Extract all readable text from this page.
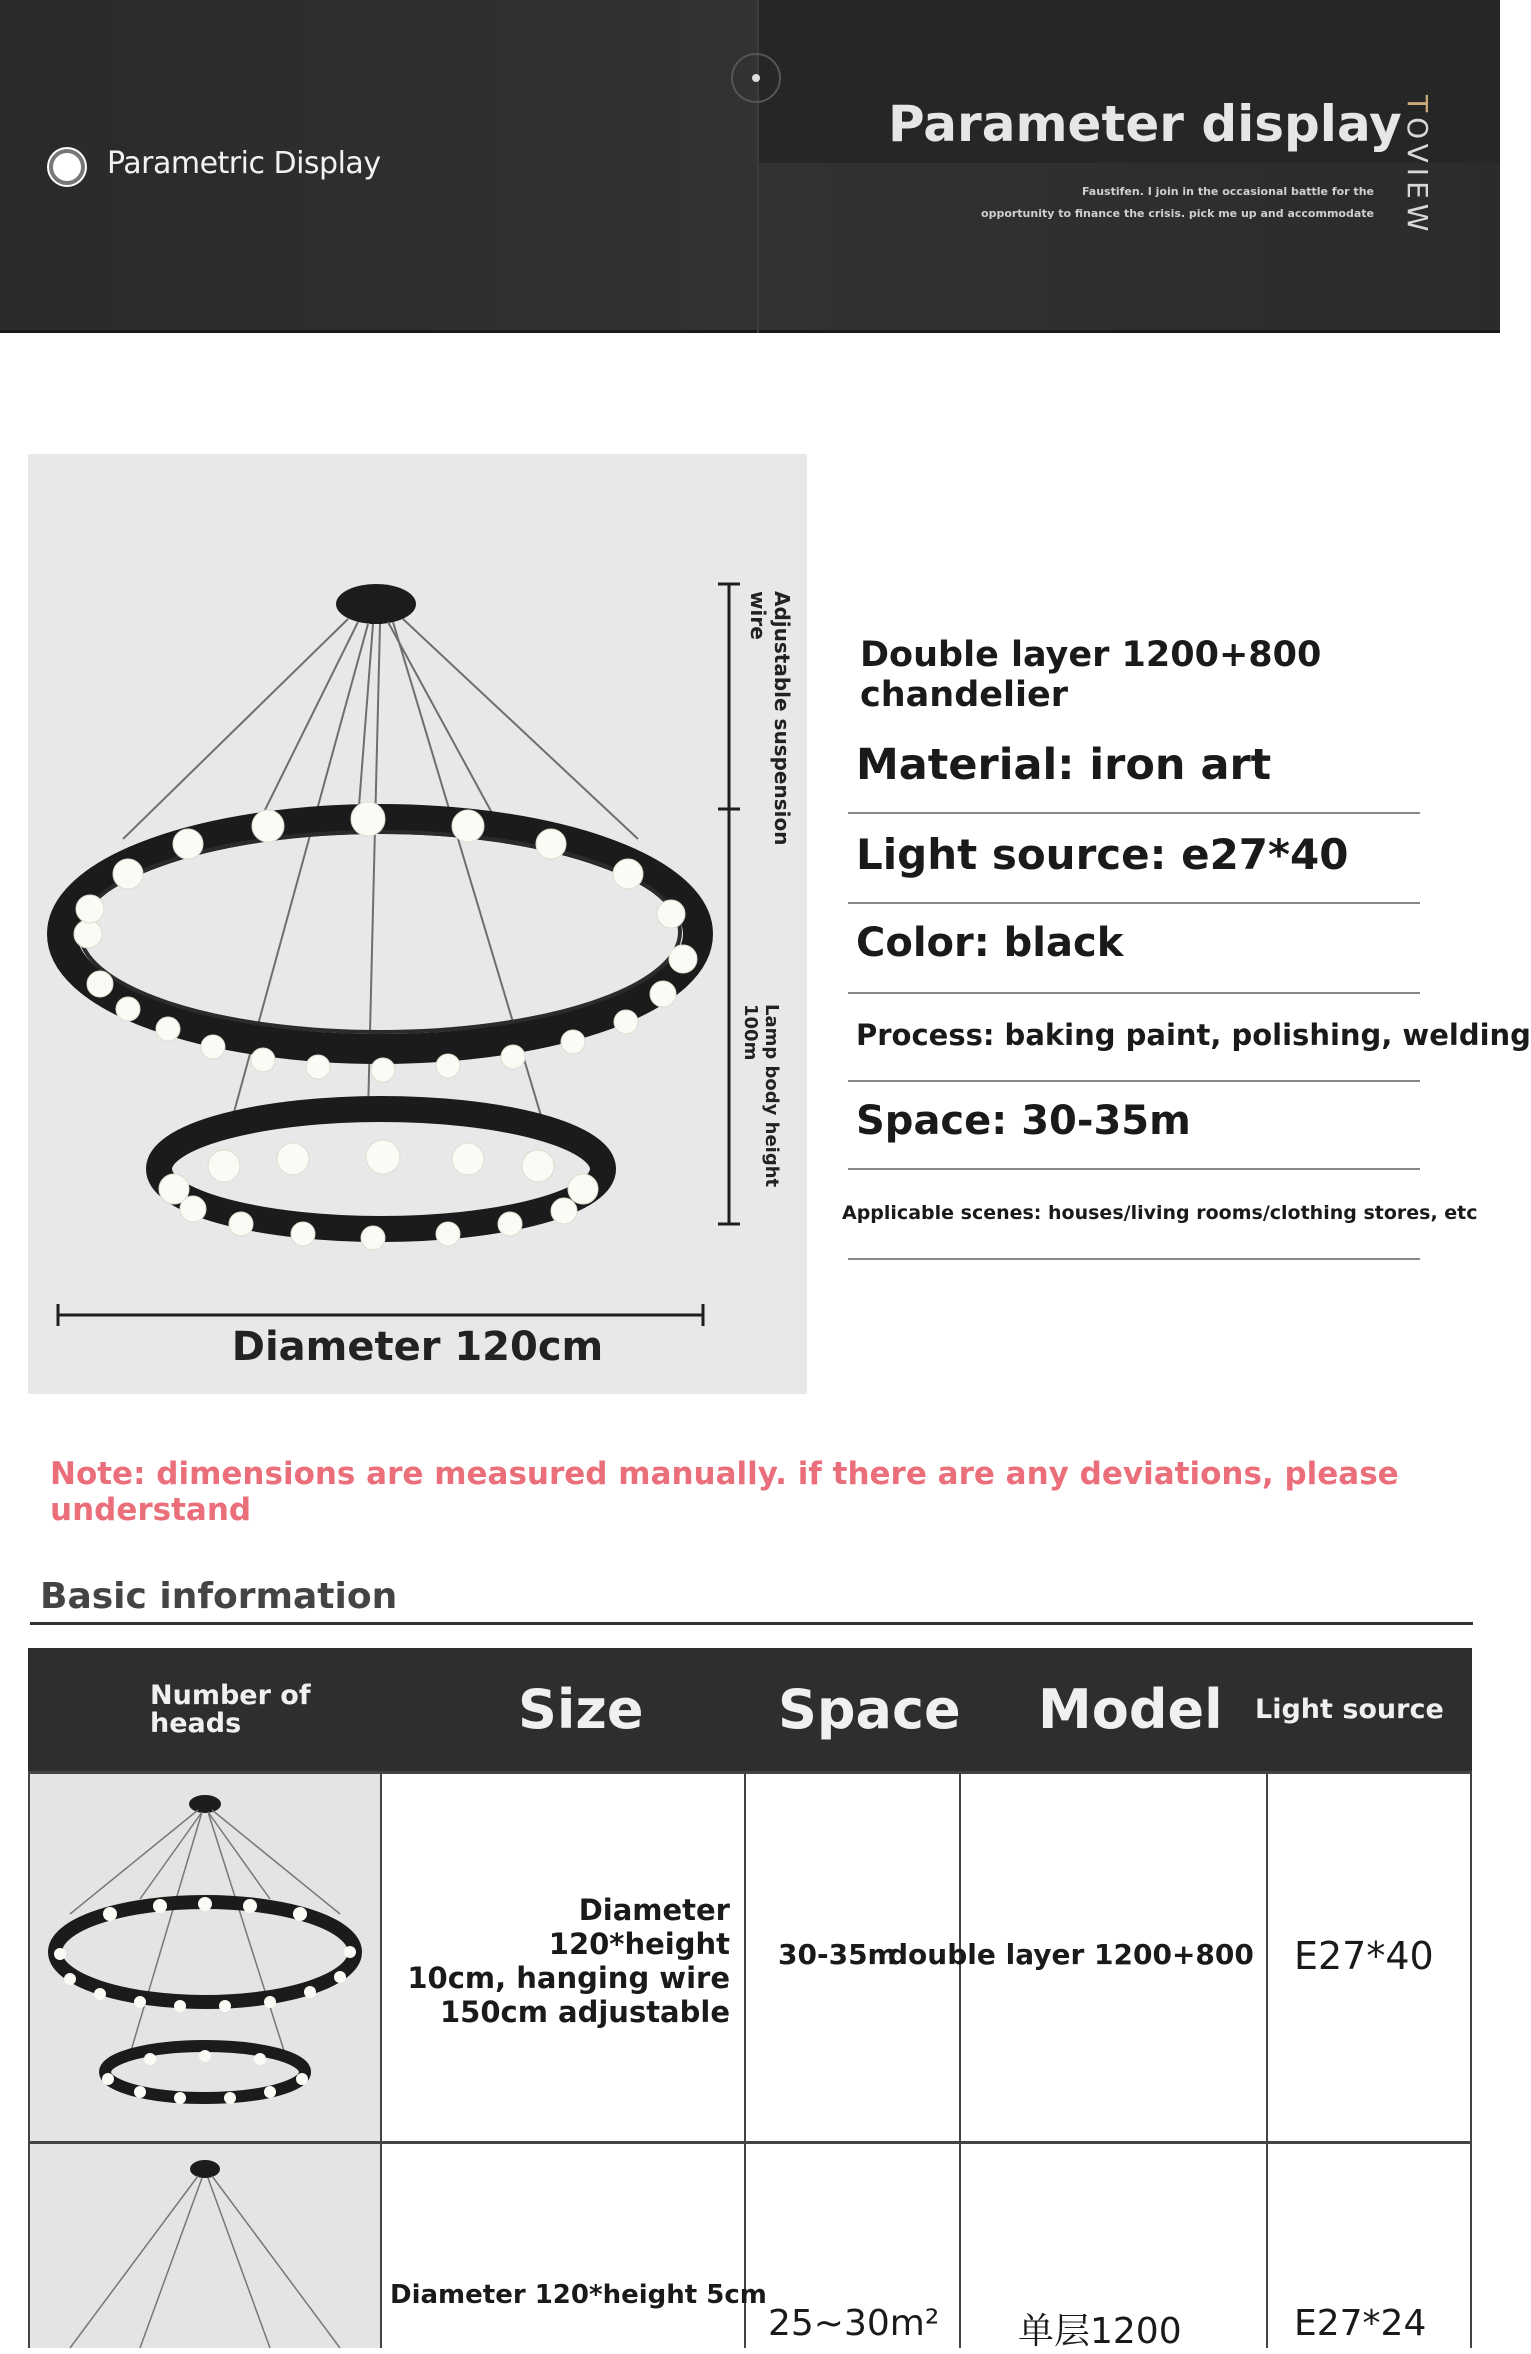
Parametric Display
Parameter display
Faustifen. I join in the occasional battle for the
opportunity to finance the crisis. pick me up and accommodate
TOVIEW
Adjustable suspension wire
Lamp body height 100m
Diameter 120cm
Double layer 1200+800 chandelier
Material: iron art
Light source: e27*40
Color: black
Process: baking paint, polishing, welding
Space: 30-35m
Applicable scenes: houses/living rooms/clothing stores, etc
Note: dimensions are measured manually. if there are any deviations, please understand
Basic information
Number of heads	Size Space Model Light source
Diameter 120*height
10cm, hanging wire
150cm adjustable
30-35m
double layer 1200+800 E27*40
Diameter 120*height 5cm
25~30m² 单层1200	E27*24
